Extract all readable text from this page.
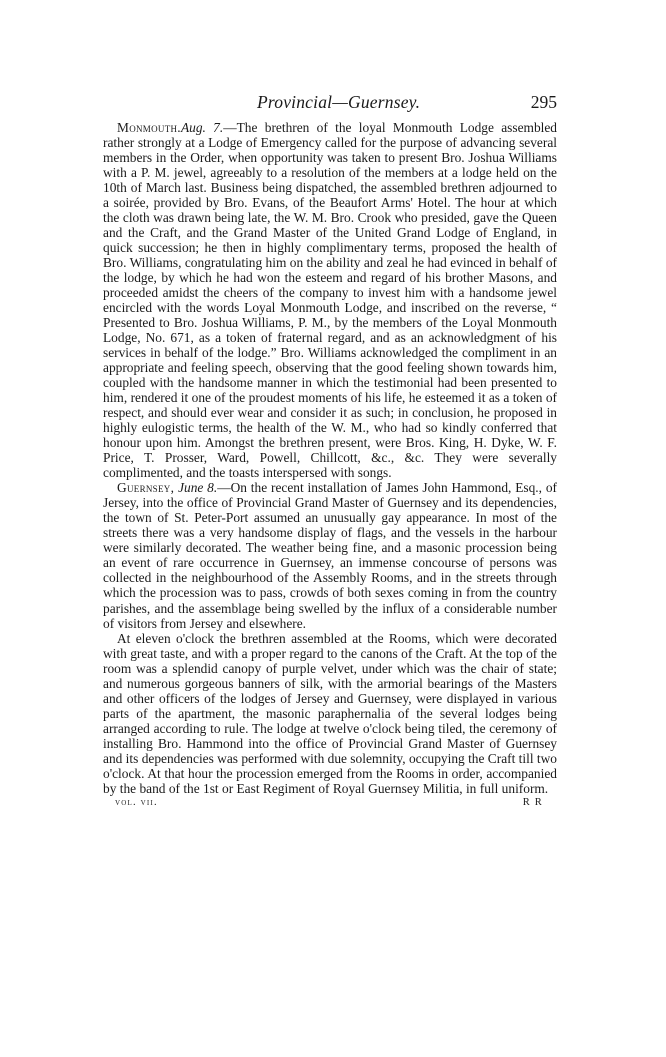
Provincial—Guernsey.	295

Monmouth.Aug. 7.—The brethren of the loyal Monmouth Lodge assembled rather strongly at a Lodge of Emergency called for the purpose of advancing several members in the Order, when opportunity was taken to present Bro. Joshua Williams with a P. M. jewel, agreeably to a resolution of the members at a lodge held on the 10th of March last. Business being dispatched, the assembled brethren adjourned to a soirée, provided by Bro. Evans, of the Beaufort Arms' Hotel. The hour at which the cloth was drawn being late, the W. M. Bro. Crook who presided, gave the Queen and the Craft, and the Grand Master of the United Grand Lodge of England, in quick succession; he then in highly complimentary terms, proposed the health of Bro. Williams, congratulating him on the ability and zeal he had evinced in behalf of the lodge, by which he had won the esteem and regard of his brother Masons, and proceeded amidst the cheers of the company to invest him with a handsome jewel encircled with the words Loyal Monmouth Lodge, and inscribed on the reverse, “ Presented to Bro. Joshua Williams, P. M., by the members of the Loyal Monmouth Lodge, No. 671, as a token of fraternal regard, and as an acknowledgment of his services in behalf of the lodge.” Bro. Williams acknowledged the compliment in an appropriate and feeling speech, observing that the good feeling shown towards him, coupled with the handsome manner in which the testimonial had been presented to him, rendered it one of the proudest moments of his life, he esteemed it as a token of respect, and should ever wear and consider it as such; in conclusion, he proposed in highly eulogistic terms, the health of the W. M., who had so kindly conferred that honour upon him. Amongst the brethren present, were Bros. King, H. Dyke, W. F. Price, T. Prosser, Ward, Powell, Chillcott, &c., &c. They were severally complimented, and the toasts interspersed with songs.

Guernsey, June 8.—On the recent installation of James John Hammond, Esq., of Jersey, into the office of Provincial Grand Master of Guernsey and its dependencies, the town of St. Peter-Port assumed an unusually gay appearance. In most of the streets there was a very handsome display of flags, and the vessels in the harbour were similarly decorated. The weather being fine, and a masonic procession being an event of rare occurrence in Guernsey, an immense concourse of persons was collected in the neighbourhood of the Assembly Rooms, and in the streets through which the procession was to pass, crowds of both sexes coming in from the country parishes, and the assemblage being swelled by the influx of a considerable number of visitors from Jersey and elsewhere.

At eleven o'clock the brethren assembled at the Rooms, which were decorated with great taste, and with a proper regard to the canons of the Craft. At the top of the room was a splendid canopy of purple velvet, under which was the chair of state; and numerous gorgeous banners of silk, with the armorial bearings of the Masters and other officers of the lodges of Jersey and Guernsey, were displayed in various parts of the apartment, the masonic paraphernalia of the several lodges being arranged according to rule. The lodge at twelve o'clock being tiled, the ceremony of installing Bro. Hammond into the office of Provincial Grand Master of Guernsey and its dependencies was performed with due solemnity, occupying the Craft till two o'clock. At that hour the procession emerged from the Rooms in order, accompanied by the band of the 1st or East Regiment of Royal Guernsey Militia, in full uniform.

vol. vii.	R R
